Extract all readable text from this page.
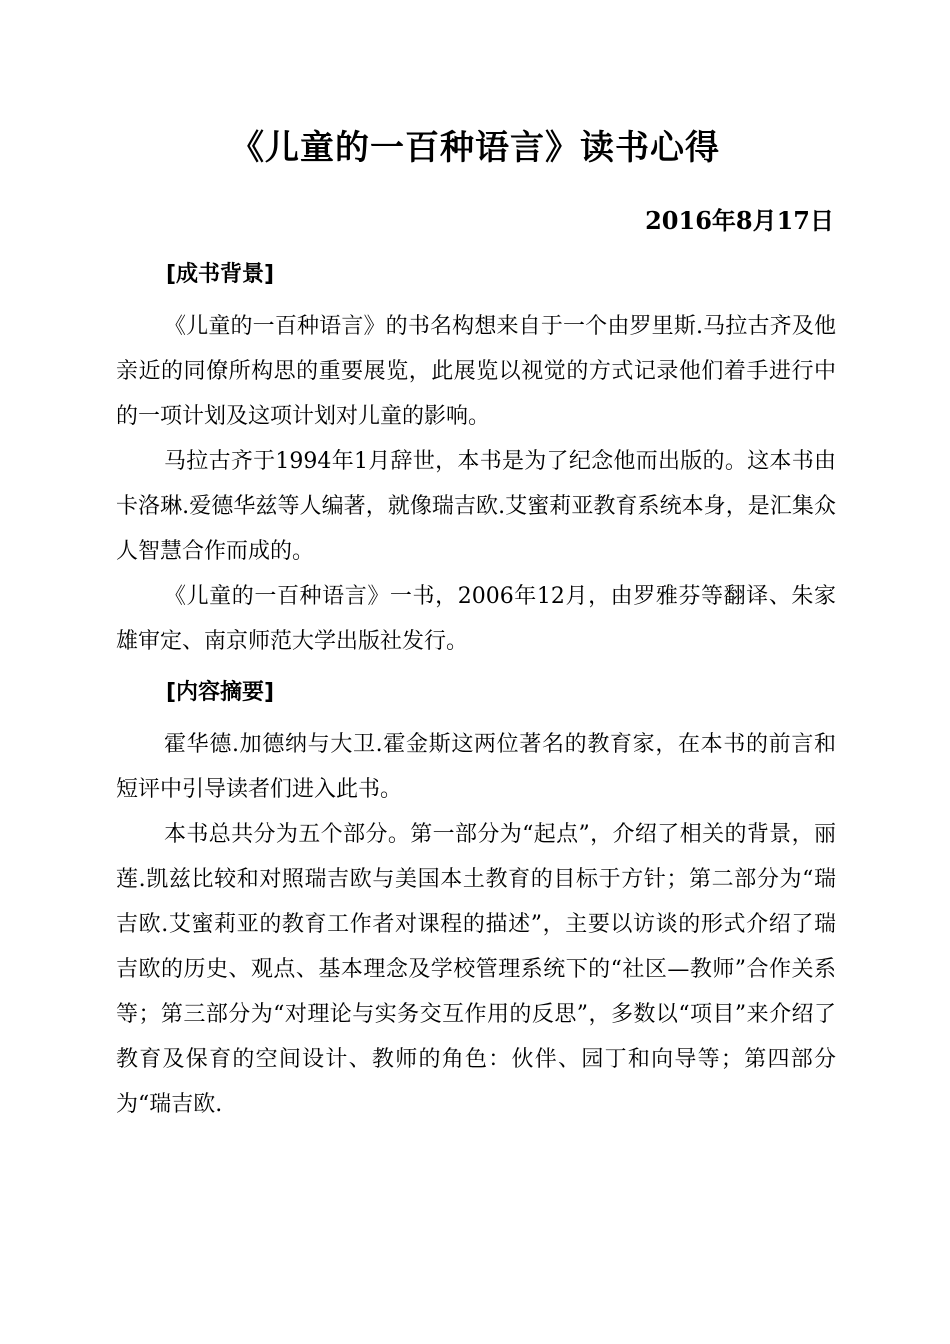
《儿童的一百种语言》读书心得
2016年8月17日
[成书背景]

《儿童的一百种语言》的书名构想来自于一个由罗里斯.马拉古齐及他亲近的同僚所构思的重要展览，此展览以视觉的方式记录他们着手进行中的一项计划及这项计划对儿童的影响。

马拉古齐于1994年1月辞世，本书是为了纪念他而出版的。这本书由卡洛琳.爱德华兹等人编著，就像瑞吉欧.艾蜜莉亚教育系统本身，是汇集众人智慧合作而成的。

《儿童的一百种语言》一书，2006年12月，由罗雅芬等翻译、朱家雄审定、南京师范大学出版社发行。

[内容摘要]

霍华德.加德纳与大卫.霍金斯这两位著名的教育家，在本书的前言和短评中引导读者们进入此书。

本书总共分为五个部分。第一部分为“起点”，介绍了相关的背景，丽莲.凯兹比较和对照瑞吉欧与美国本土教育的目标于方针；第二部分为“瑞吉欧.艾蜜莉亚的教育工作者对课程的描述”，主要以访谈的形式介绍了瑞吉欧的历史、观点、基本理念及学校管理系统下的“社区—教师”合作关系等；第三部分为“对理论与实务交互作用的反思”，多数以“项目”来介绍了教育及保育的空间设计、教师的角色：伙伴、园丁和向导等；第四部分为“瑞吉欧.
